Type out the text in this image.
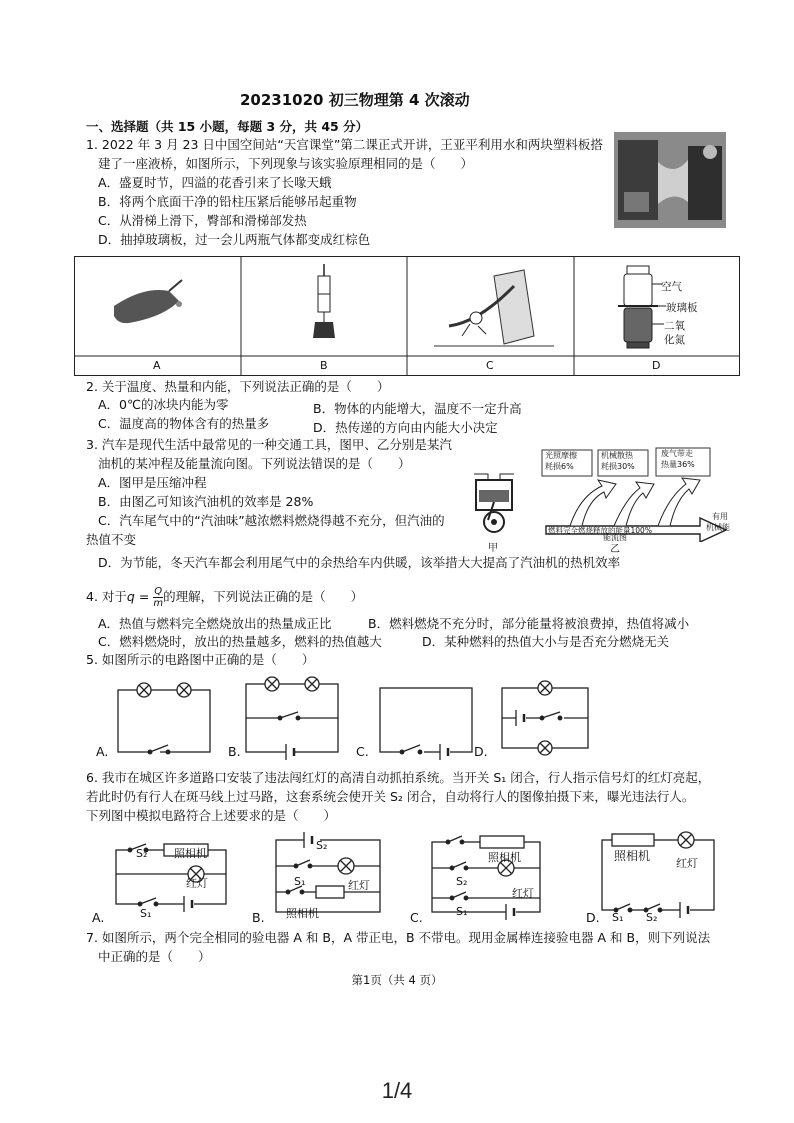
20231020 初三物理第 4 次滚动
一、选择题（共 15 小题，每题 3 分，共 45 分）
1. 2022 年 3 月 23 日中国空间站“天宫课堂”第二课正式开讲，王亚平利用水和两块塑料板搭
建了一座液桥，如图所示，下列现象与该实验原理相同的是（　　）
A．盛夏时节，四溢的花香引来了长喙天蛾
B．将两个底面干净的铅柱压紧后能够吊起重物
C．从滑梯上滑下，臀部和滑梯部发热
D．抽掉玻璃板，过一会儿两瓶气体都变成红棕色
空气
玻璃板
二氧
化氮
A	B	C	D
2. 关于温度、热量和内能，下列说法正确的是（　　）
A．0℃的冰块内能为零	B．物体的内能增大，温度不一定升高
C．温度高的物体含有的热量多	D．热传递的方向由内能大小决定
3. 汽车是现代生活中最常见的一种交通工具，图甲、乙分别是某汽
油机的某冲程及能量流向图。下列说法错误的是（　　）
A．图甲是压缩冲程
B．由图乙可知该汽油机的效率是 28%
C．汽车尾气中的“汽油味”越浓燃料燃烧得越不充分，但汽油的
热值不变
D．为节能，冬天汽车都会利用尾气中的余热给车内供暖，该举措大大提高了汽油机的热机效率
甲
光照摩擦
耗损6%
机械散热
耗损30%
废气带走
热量36%
燃料完全燃烧释放的能量100%
有用
机械能
能流图
乙
4. 对于$q = \frac{Q}{m}$ 的理解，下列说法正确的是（　　）
A．热值与燃料完全燃烧放出的热量成正比	B．燃料燃烧不充分时，部分能量将被浪费掉，热值将减小
C．燃料燃烧时，放出的热量越多，燃料的热值越大	D．某种燃料的热值大小与是否充分燃烧无关
5. 如图所示的电路图中正确的是（　　）
A.	B.	C.	D.
6. 我市在城区许多道路口安装了违法闯红灯的高清自动抓拍系统。当开关 S₁ 闭合，行人指示信号灯的红灯亮起，
若此时仍有行人在斑马线上过马路，这套系统会使开关 S₂ 闭合，自动将行人的图像拍摄下来，曝光违法行人。
下列图中模拟电路符合上述要求的是（　　）
S₂ 照相机
红灯
S₁
A.
S₂
红灯
S₁
照相机
B.
照相机
S₂
红灯
S₁
C.
照相机
红灯
S₁ S₂
D.
7. 如图所示，两个完全相同的验电器 A 和 B，A 带正电，B 不带电。现用金属棒连接验电器 A 和 B，则下列说法
中正确的是（　　）
第1页（共 4 页）
1/4
